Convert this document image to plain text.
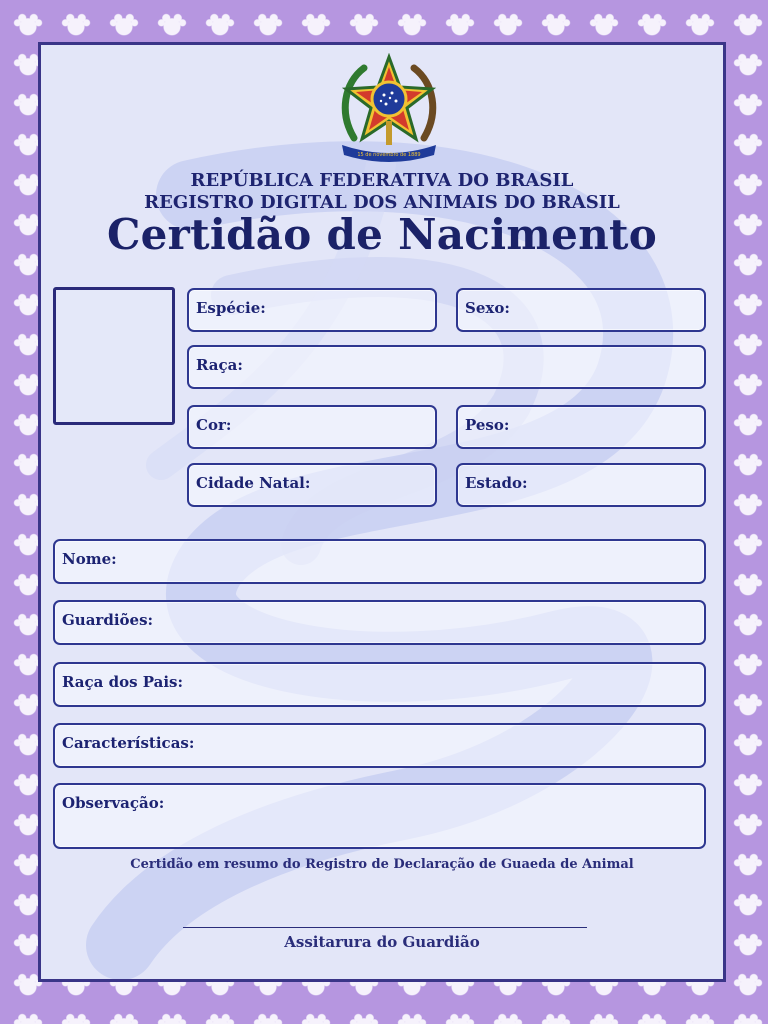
15 de novembro de 1889
REPÚBLICA FEDERATIVA DO BRASIL
REGISTRO DIGITAL DOS ANIMAIS DO BRASIL
Certidão de Nacimento
Espécie:	Sexo:
Raça:
Cor:	Peso:
Cidade Natal:	Estado:
Nome:
Guardiões:
Raça dos Pais:
Características:
Observação:
Certidão em resumo do Registro de Declaração de Guaeda de Animal
Assitarura do Guardião
